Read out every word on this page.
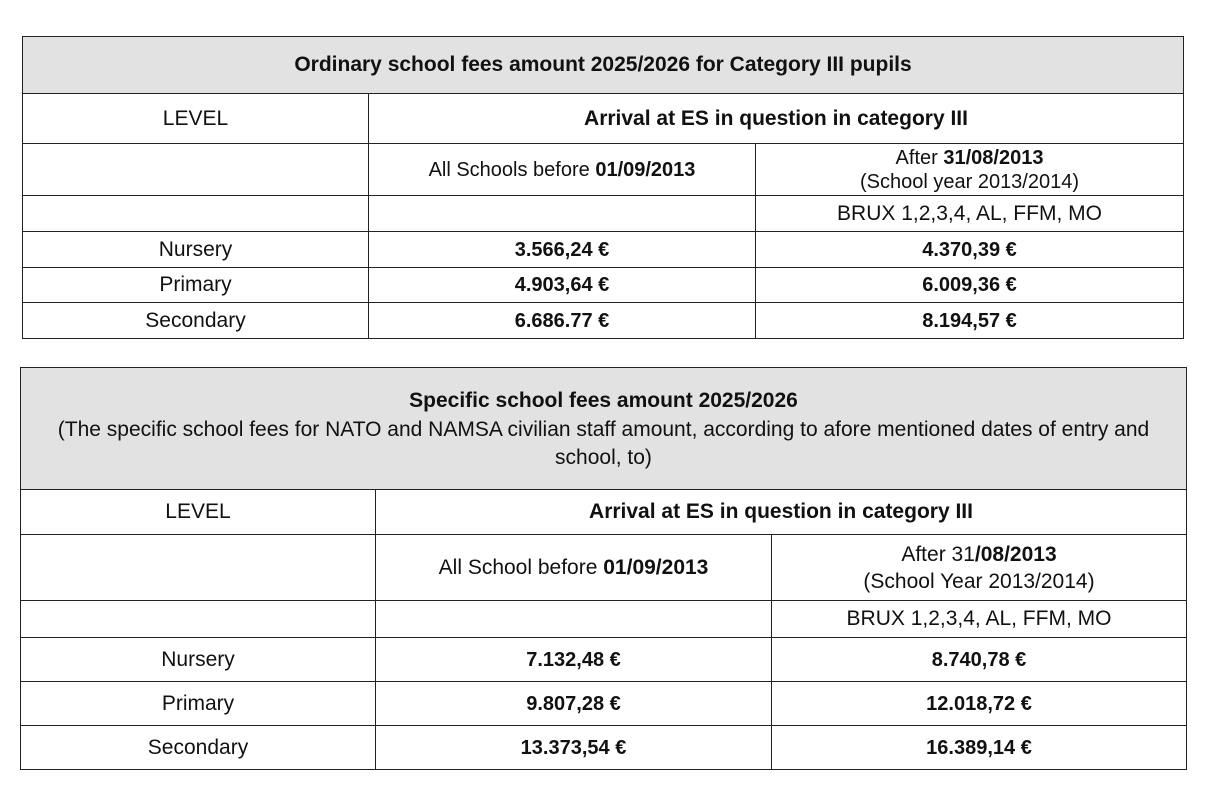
Ordinary school fees amount 2025/2026 for Category III pupils		
LEVEL	Arrival at ES in question in category III	
	All Schools before 01/09/2013	After 31/08/2013
(School year 2013/2014)

		BRUX 1,2,3,4, AL, FFM, MO
Nursery	3.566,24 €	4.370,39 €
Primary	4.903,64 €	6.009,36 €
Secondary	6.686.77 €	8.194,57 €
Specific school fees amount 2025/2026
(The specific school fees for NATO and NAMSA civilian staff amount, according to afore mentioned dates of entry and school, to)		

LEVEL	Arrival at ES in question in category III	
	All School before 01/09/2013	After 31/08/2013
(School Year 2013/2014)

		BRUX 1,2,3,4, AL, FFM, MO
Nursery	7.132,48 €	8.740,78 €
Primary	9.807,28 €	12.018,72 €
Secondary	13.373,54 €	16.389,14 €
